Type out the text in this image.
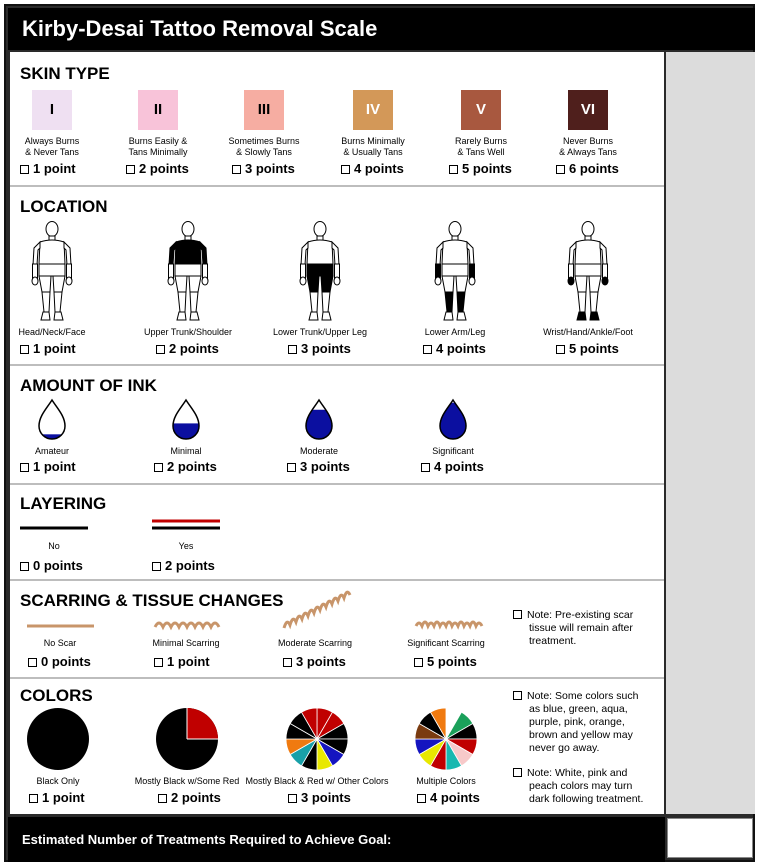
Kirby-Desai Tattoo Removal Scale
SKIN TYPE
I
Always Burns
& Never Tans
1 point
II
Burns Easily &
Tans Minimally
2 points
III
Sometimes Burns
& Slowly Tans
3 points
IV
Burns Minimally
& Usually Tans
4 points
V
Rarely Burns
& Tans Well
5 points
VI
Never Burns
& Always Tans
6 points
LOCATION
Head/Neck/Face
1 point
Upper Trunk/Shoulder
2 points
Lower Trunk/Upper Leg
3 points
Lower Arm/Leg
4 points
Wrist/Hand/Ankle/Foot
5 points
AMOUNT OF INK
Amateur
1 point
Minimal
2 points
Moderate
3 points
Significant
4 points
LAYERING
No	Yes
0 points	2 points
SCARRING & TISSUE CHANGES
No Scar
0 points
Minimal Scarring
1 point
Moderate Scarring
3 points
Significant Scarring
5 points
Note: Pre-existing scar
tissue will remain after
treatment.
COLORS
Black Only
1 point
Mostly Black w/Some Red
2 points
Mostly Black & Red w/ Other Colors
3 points
Multiple Colors
4 points
Note: Some colors such
as blue, green, aqua,
purple, pink, orange,
brown and yellow may
never go away.
Note: White, pink and
peach colors may turn
dark following treatment.
Estimated Number of Treatments Required to Achieve Goal:
